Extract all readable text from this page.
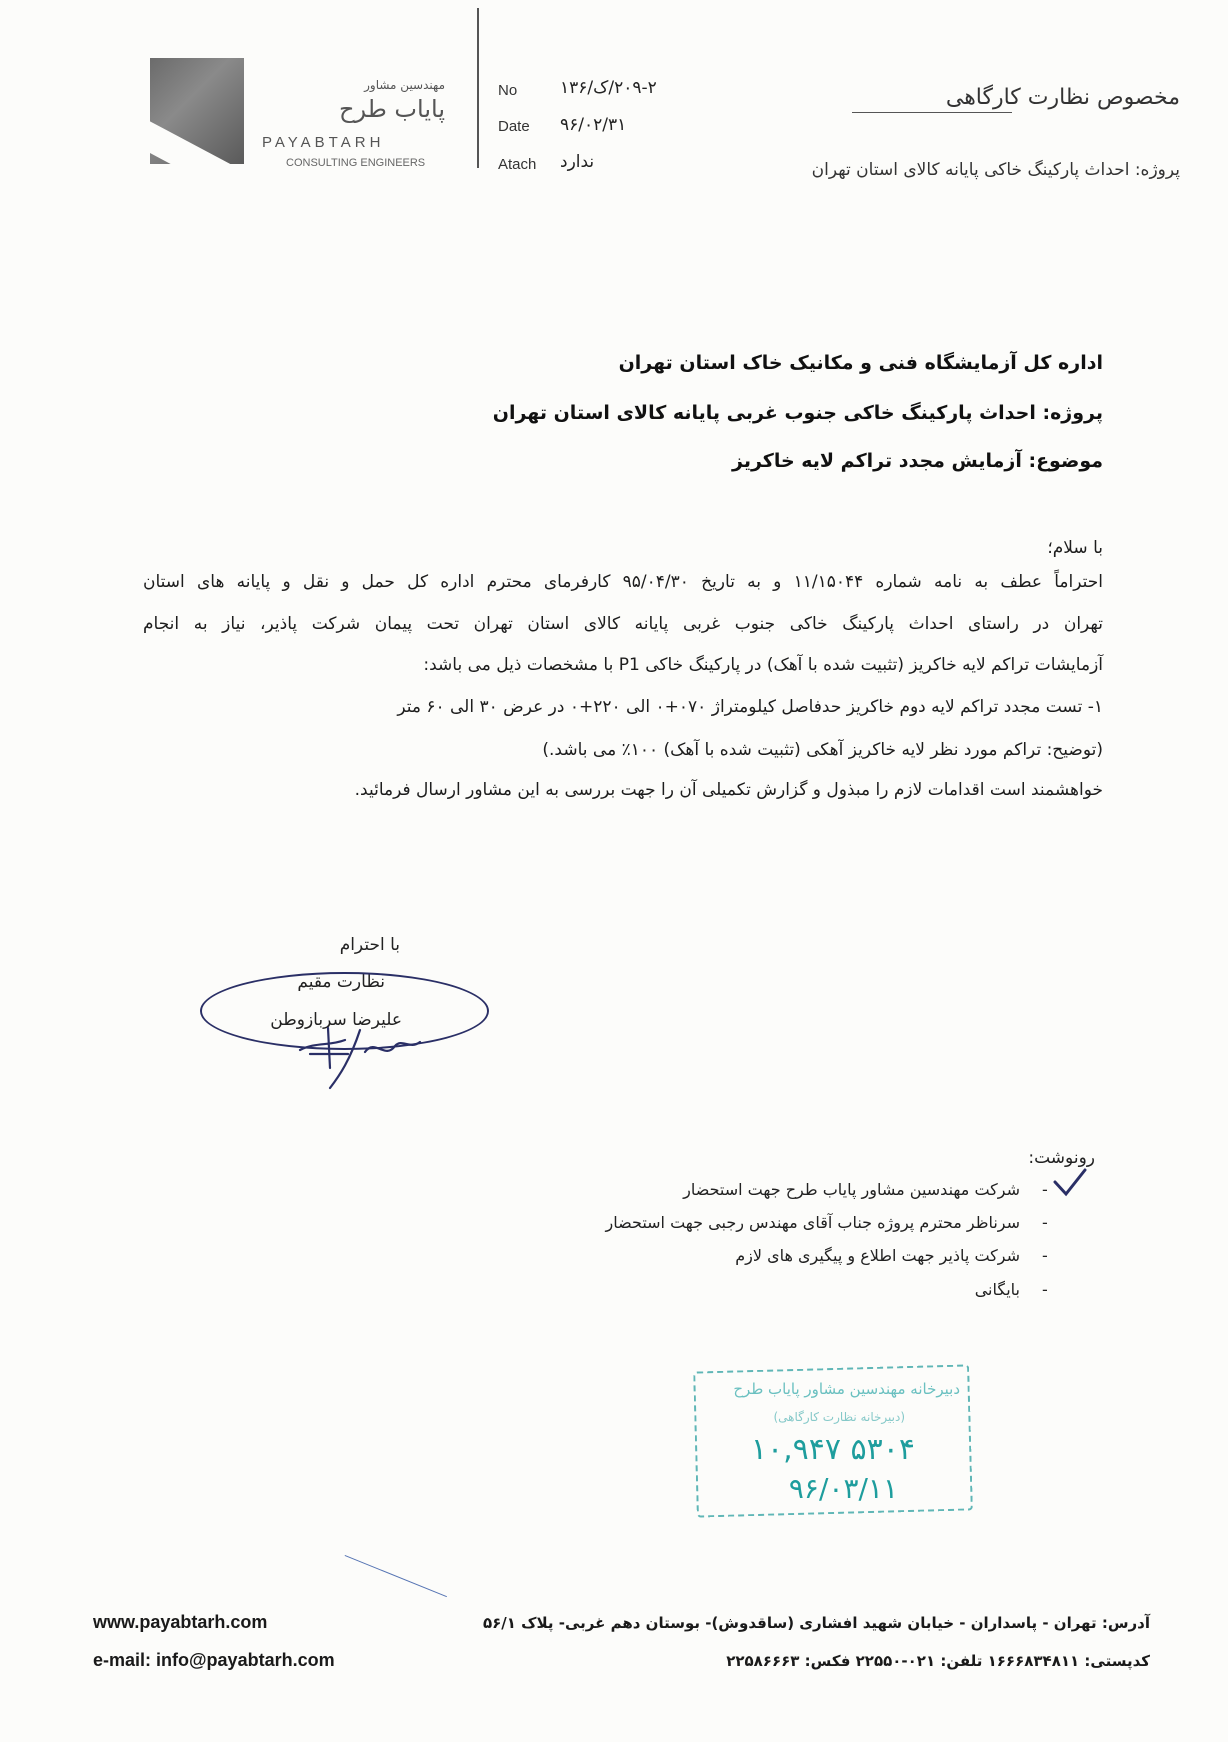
مهندسین مشاور
پایاب طرح
PAYABTARH
CONSULTING ENGINEERS
No	۲۰۹-۲/ک/۱۳۶
Date ۹۶/۰۲/۳۱
Atach ندارد
مخصوص نظارت کارگاهی
پروژه: احداث پارکینگ خاکی پایانه کالای استان تهران
اداره کل آزمایشگاه فنی و مکانیک خاک استان تهران
پروژه: احداث پارکینگ خاکی جنوب غربی پایانه کالای استان تهران
موضوع: آزمایش مجدد تراکم لایه خاکریز
با سلام؛
احتراماً عطف به نامه شماره ۱۱/۱۵۰۴۴ و به تاریخ ۹۵/۰۴/۳۰ کارفرمای محترم اداره کل حمل و نقل و پایانه های استان
تهران در راستای احداث پارکینگ خاکی جنوب غربی پایانه کالای استان تهران تحت پیمان شرکت پاذیر، نیاز به انجام
آزمایشات تراکم لایه خاکریز (تثبیت شده با آهک) در پارکینگ خاکی P1 با مشخصات ذیل می باشد:
۱- تست مجدد تراکم لایه دوم خاکریز حدفاصل کیلومتراژ ۰۷۰+۰ الی ۲۲۰+۰ در عرض ۳۰ الی ۶۰ متر
(توضیح: تراکم مورد نظر لایه خاکریز آهکی (تثبیت شده با آهک) ۱۰۰٪ می باشد.)
خواهشمند است اقدامات لازم را مبذول و گزارش تکمیلی آن را جهت بررسی به این مشاور ارسال فرمائید.
با احترام
نظارت مقیم
علیرضا سربازوطن
رونوشت:
-
شرکت مهندسین مشاور پایاب طرح جهت استحضار
-
سرناظر محترم پروژه جناب آقای مهندس رجبی جهت استحضار
-
شرکت پاذیر جهت اطلاع و پیگیری های لازم
-
بایگانی
دبیرخانه مهندسین مشاور پایاب طرح
(دبیرخانه نظارت کارگاهی)
۱۰,۹۴۷ ۵۳۰۴
۹۶/۰۳/۱۱
www.payabtarh.com
e-mail: info@payabtarh.com
آدرس: تهران - پاسداران - خیابان شهید افشاری (ساقدوش)- بوستان دهم غربی- پلاک ۵۶/۱
کدپستی: ۱۶۶۶۸۳۴۸۱۱ تلفن: ۰۲۱-۲۲۵۵۰ فکس: ۲۲۵۸۶۶۶۳
